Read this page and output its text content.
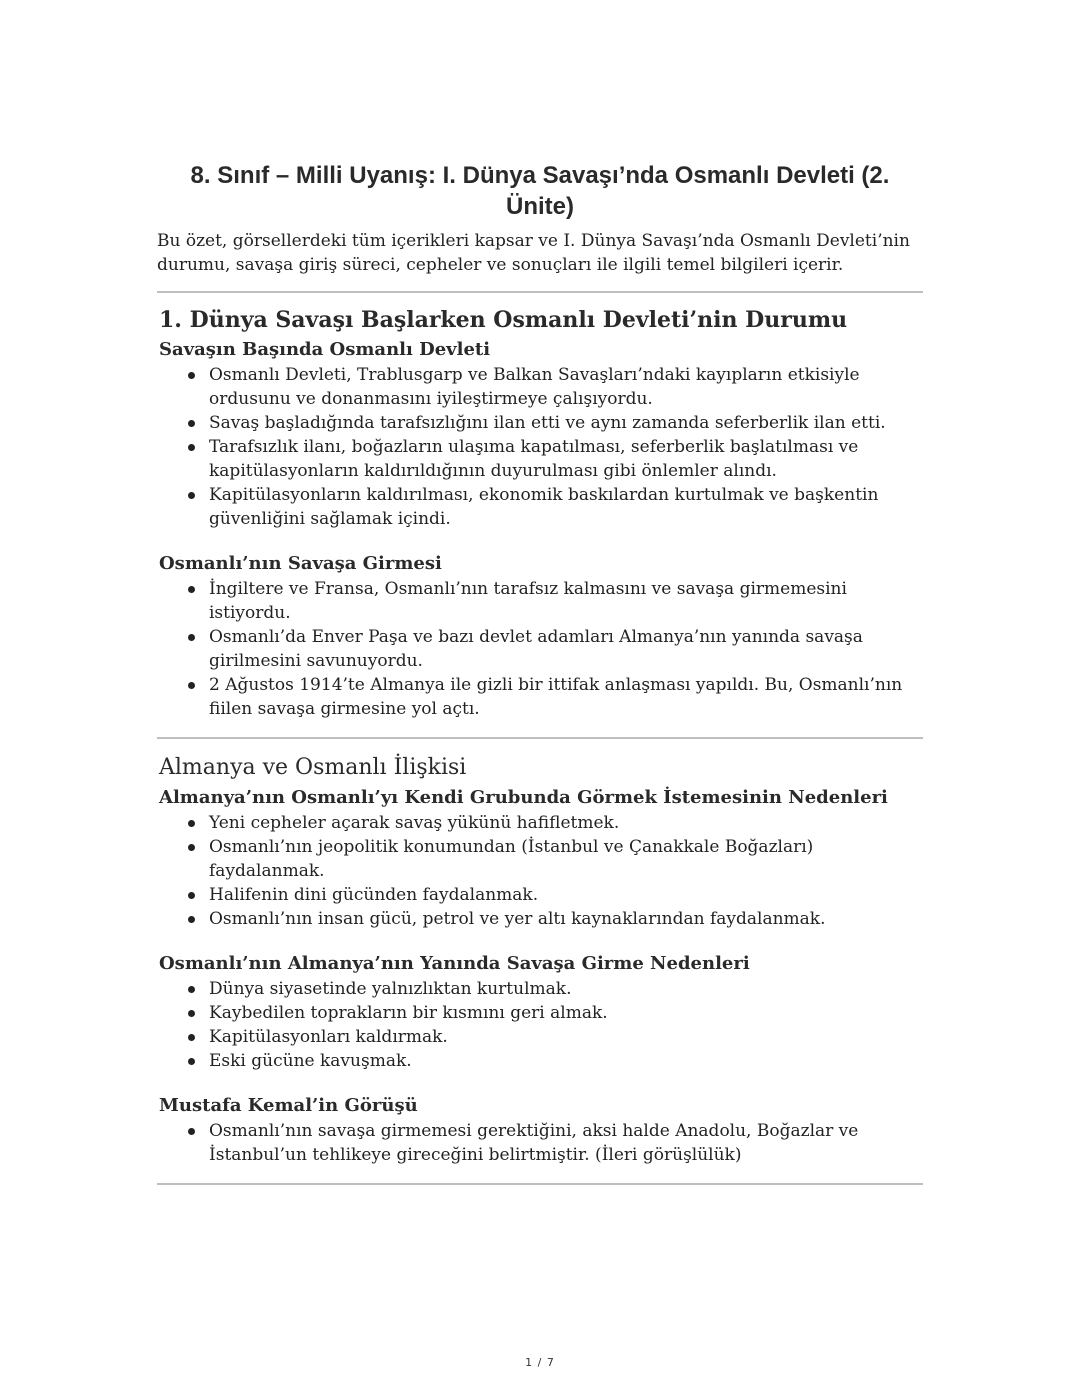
8. Sınıf – Milli Uyanış: I. Dünya Savaşı’nda Osmanlı Devleti (2. Ünite)

Bu özet, görsellerdeki tüm içerikleri kapsar ve I. Dünya Savaşı’nda Osmanlı Devleti’nin durumu, savaşa giriş süreci, cepheler ve sonuçları ile ilgili temel bilgileri içerir.

1. Dünya Savaşı Başlarken Osmanlı Devleti’nin Durumu
Savaşın Başında Osmanlı Devleti
Osmanlı Devleti, Trablusgarp ve Balkan Savaşları’ndaki kayıpların etkisiyle ordusunu ve donanmasını iyileştirmeye çalışıyordu.
Savaş başladığında tarafsızlığını ilan etti ve aynı zamanda seferberlik ilan etti.
Tarafsızlık ilanı, boğazların ulaşıma kapatılması, seferberlik başlatılması ve kapitülasyonların kaldırıldığının duyurulması gibi önlemler alındı.
Kapitülasyonların kaldırılması, ekonomik baskılardan kurtulmak ve başkentin güvenliğini sağlamak içindi.
Osmanlı’nın Savaşa Girmesi
İngiltere ve Fransa, Osmanlı’nın tarafsız kalmasını ve savaşa girmemesini istiyordu.
Osmanlı’da Enver Paşa ve bazı devlet adamları Almanya’nın yanında savaşa girilmesini savunuyordu.
2 Ağustos 1914’te Almanya ile gizli bir ittifak anlaşması yapıldı. Bu, Osmanlı’nın fiilen savaşa girmesine yol açtı.
Almanya ve Osmanlı İlişkisi
Almanya’nın Osmanlı’yı Kendi Grubunda Görmek İstemesinin Nedenleri
Yeni cepheler açarak savaş yükünü hafifletmek.
Osmanlı’nın jeopolitik konumundan (İstanbul ve Çanakkale Boğazları) faydalanmak.
Halifenin dini gücünden faydalanmak.
Osmanlı’nın insan gücü, petrol ve yer altı kaynaklarından faydalanmak.
Osmanlı’nın Almanya’nın Yanında Savaşa Girme Nedenleri
Dünya siyasetinde yalnızlıktan kurtulmak.
Kaybedilen toprakların bir kısmını geri almak.
Kapitülasyonları kaldırmak.
Eski gücüne kavuşmak.
Mustafa Kemal’in Görüşü
Osmanlı’nın savaşa girmemesi gerektiğini, aksi halde Anadolu, Boğazlar ve İstanbul’un tehlikeye gireceğini belirtmiştir. (İleri görüşlülük)
1 / 7
